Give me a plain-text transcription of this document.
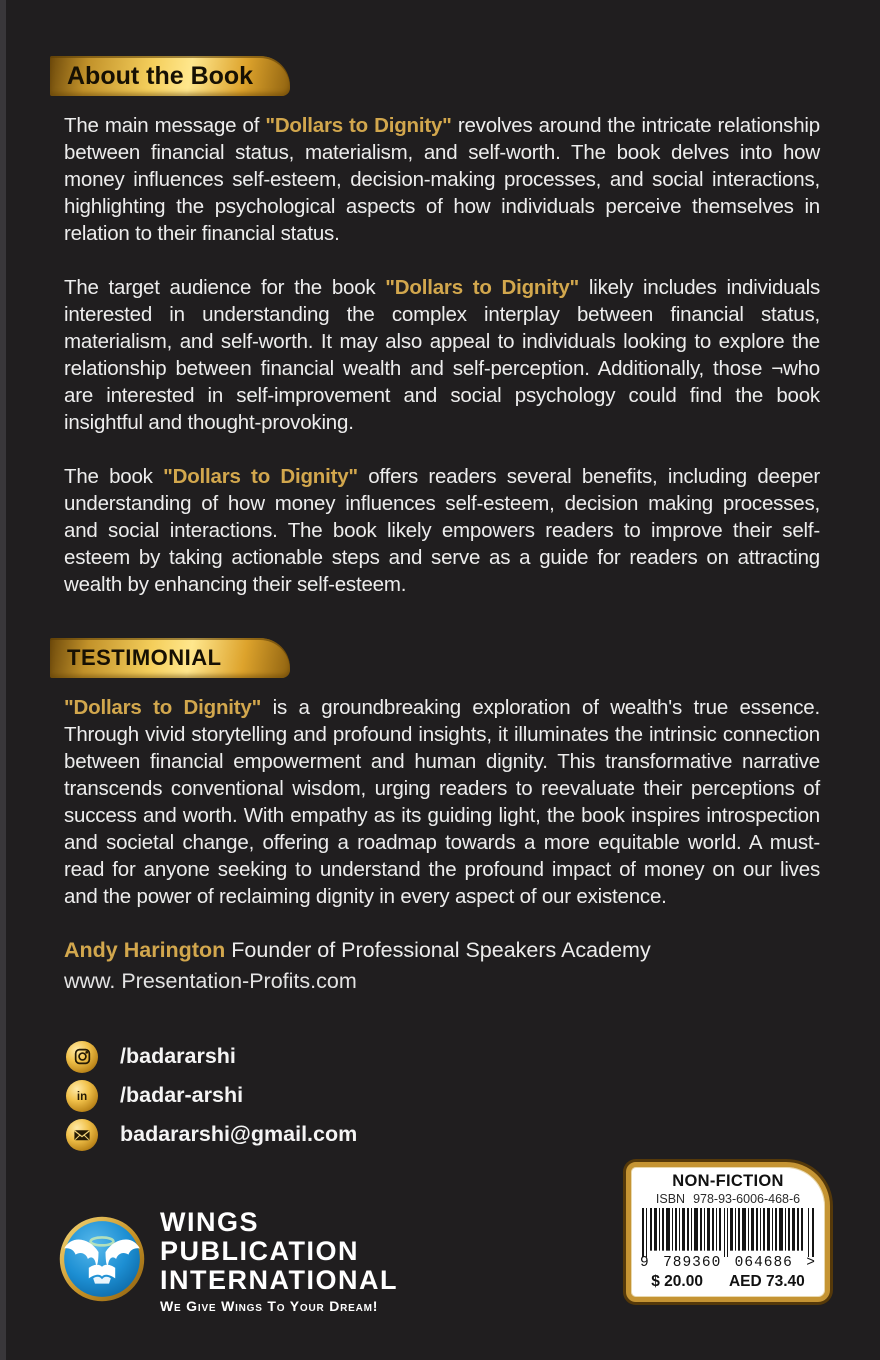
About the Book

The main message of "Dollars to Dignity" revolves around the intricate relationship between financial status, materialism, and self-worth. The book delves into how money influences self-esteem, decision-making processes, and social interactions, highlighting the psychological aspects of how individuals perceive themselves in relation to their financial status.

The target audience for the book "Dollars to Dignity" likely includes individuals interested in understanding the complex interplay between financial status, materialism, and self-worth. It may also appeal to individuals looking to explore the relationship between financial wealth and self-perception. Additionally, those ¬who are interested in self-improvement and social psychology could find the book insightful and thought-provoking.

The book "Dollars to Dignity" offers readers several benefits, including deeper understanding of how money influences self-esteem, decision making processes, and social interactions. The book likely empowers readers to improve their self-esteem by taking actionable steps and serve as a guide for readers on attracting wealth by enhancing their self-esteem.

TESTIMONIAL

"Dollars to Dignity" is a groundbreaking exploration of wealth's true essence. Through vivid storytelling and profound insights, it illuminates the intrinsic connection between financial empowerment and human dignity. This transformative narrative transcends conventional wisdom, urging readers to reevaluate their perceptions of success and worth. With empathy as its guiding light, the book inspires introspection and societal change, offering a roadmap towards a more equitable world. A must-read for anyone seeking to understand the profound impact of money on our lives and the power of reclaiming dignity in every aspect of our existence.

Andy Harington Founder of Professional Speakers Academy
www. Presentation-Profits.com
/badararshi
in /badar-arshi
badararshi@gmail.com
WINGS
PUBLICATION
INTERNATIONAL
We Give Wings To Your Dream!
NON-FICTION
ISBN 978-93-6006-468-6
9 789360 064686 >
$ 20.00 AED 73.40
